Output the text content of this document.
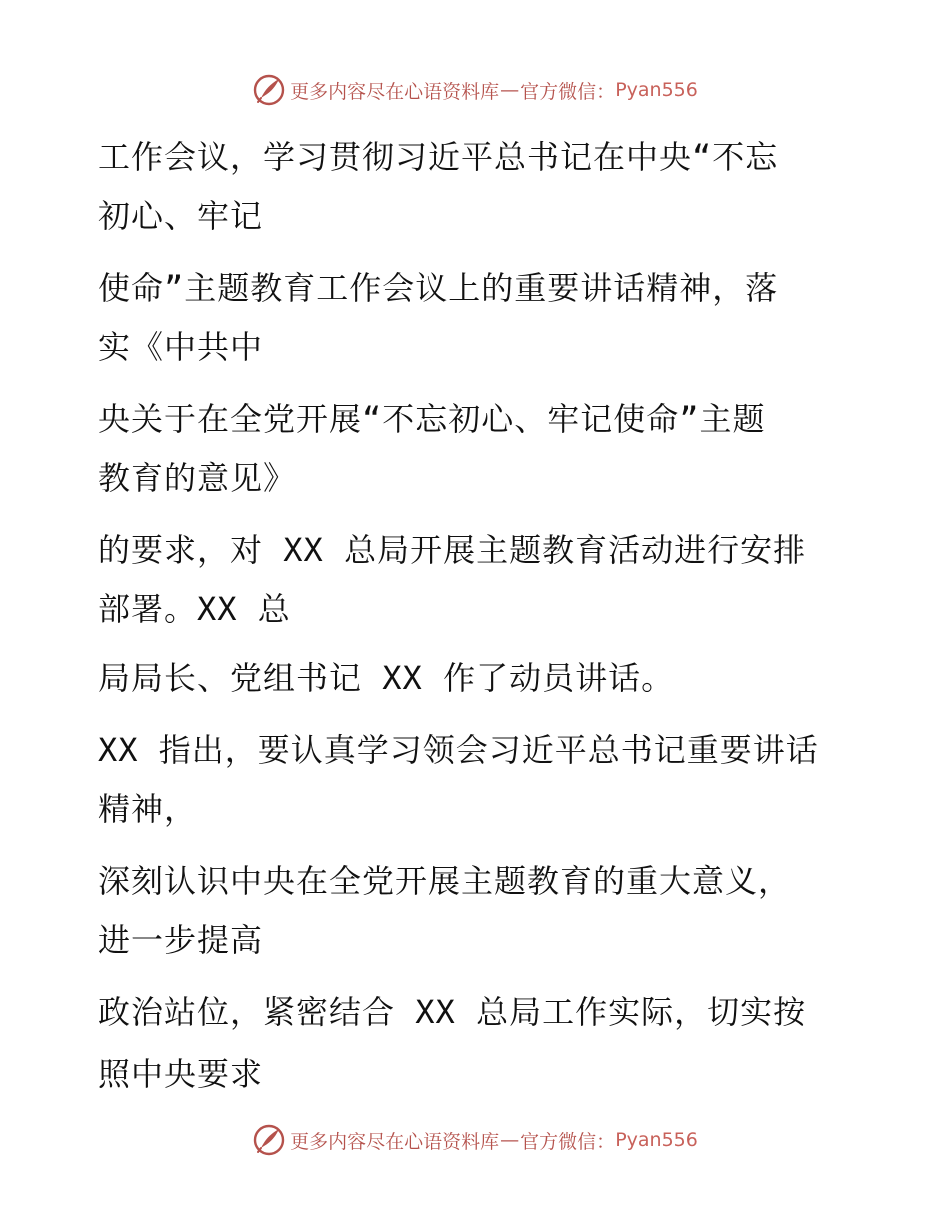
更多内容尽在心语资料库 — 官方微信： Pyan556
工作会议，学习贯彻习近平总书记在中央“不忘
初心、牢记
使命”主题教育工作会议上的重要讲话精神，落
实《中共中
央关于在全党开展“不忘初心、牢记使命”主题
教育的意见》
的要求，对 XX 总局开展主题教育活动进行安排
部署。XX 总
局局长、党组书记 XX 作了动员讲话。
XX 指出，要认真学习领会习近平总书记重要讲话
精神，
深刻认识中央在全党开展主题教育的重大意义，
进一步提高
政治站位，紧密结合 XX 总局工作实际，切实按
照中央要求
更多内容尽在心语资料库 — 官方微信： Pyan556
